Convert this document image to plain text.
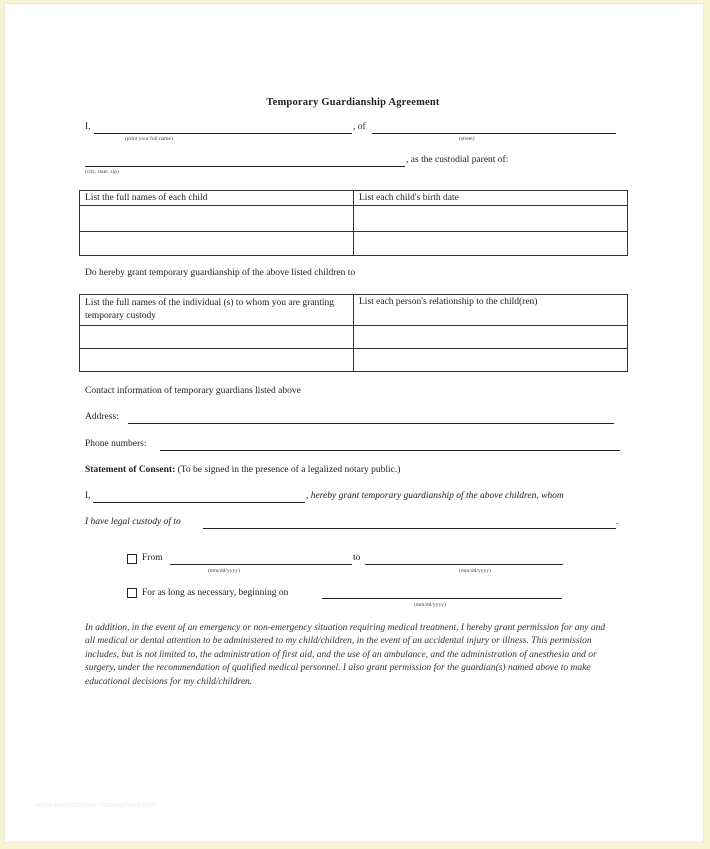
Temporary Guardianship Agreement
I,	, of
(print your full name)	(street)
, as the custodial parent of:
(city, state, zip)
List the full names of each child	List each child's birth date

Do hereby grant temporary guardianship of the above listed children to
List the full names of the individual (s) to whom you are granting temporary custody	List each person's relationship to the child(ren)

Contact information of temporary guardians listed above
Address:
Phone numbers:
Statement of Consent: (To be signed in the presence of a legalized notary public.)
I,	, hereby grant temporary guardianship of the above children, whom
I have legal custody of to	.
From	to
(mm/dd/yyyy)	(mm/dd/yyyy)
For as long as necessary, beginning on
(mm/dd/yyyy)
In addition, in the event of an emergency or non-emergency situation requiring medical treatment, I hereby grant permission for any and all medical or dental attention to be administered to my child/children, in the event of an accidental injury or illness. This permission includes, but is not limited to, the administration of first aid, and the use of an ambulance, and the administration of anesthesia and or surgery, under the recommendation of qualified medical personnel. I also grant permission for the guardian(s) named above to make educational decisions for my child/children.
www.free-template-thanksgiving.com
